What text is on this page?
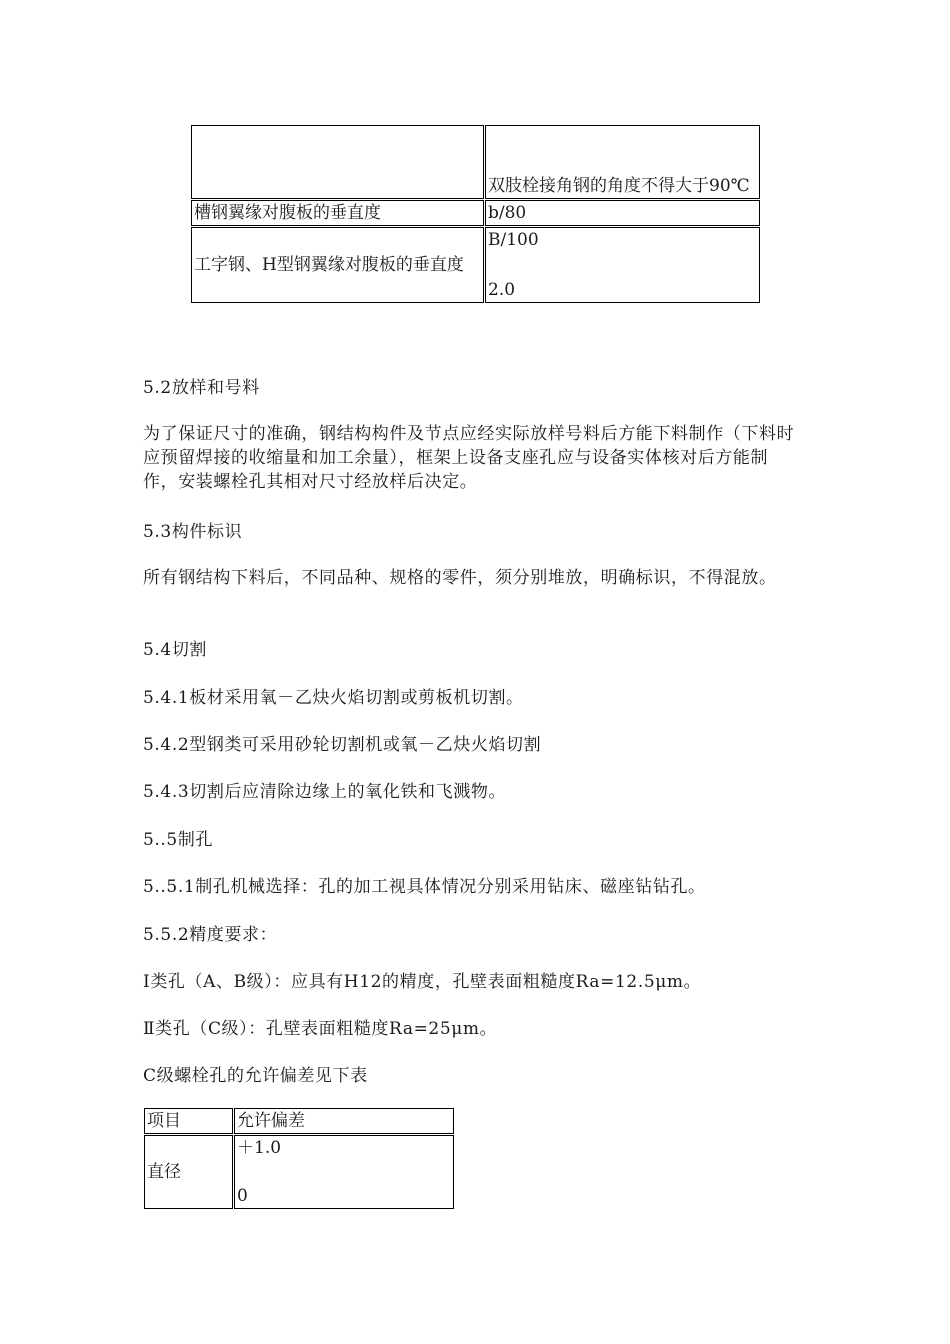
	双肢栓接角钢的角度不得大于90℃
槽钢翼缘对腹板的垂直度	b/80
工字钢、H型钢翼缘对腹板的垂直度	B/100
2.0

5.2放样和号料

为了保证尺寸的准确，钢结构构件及节点应经实际放样号料后方能下料制作（下料时应预留焊接的收缩量和加工余量），框架上设备支座孔应与设备实体核对后方能制作，安装螺栓孔其相对尺寸经放样后决定。

5.3构件标识

所有钢结构下料后，不同品种、规格的零件，须分别堆放，明确标识，不得混放。

5.4切割

5.4.1板材采用氧－乙炔火焰切割或剪板机切割。

5.4.2型钢类可采用砂轮切割机或氧－乙炔火焰切割

5.4.3切割后应清除边缘上的氧化铁和飞溅物。

5..5制孔

5..5.1制孔机械选择：孔的加工视具体情况分别采用钻床、磁座钻钻孔。

5.5.2精度要求：

Ⅰ类孔（A、B级）：应具有H12的精度，孔壁表面粗糙度Ra=12.5μm。

Ⅱ类孔（C级）：孔壁表面粗糙度Ra=25μm。

C级螺栓孔的允许偏差见下表

项目	允许偏差
直径	＋1.0
0
